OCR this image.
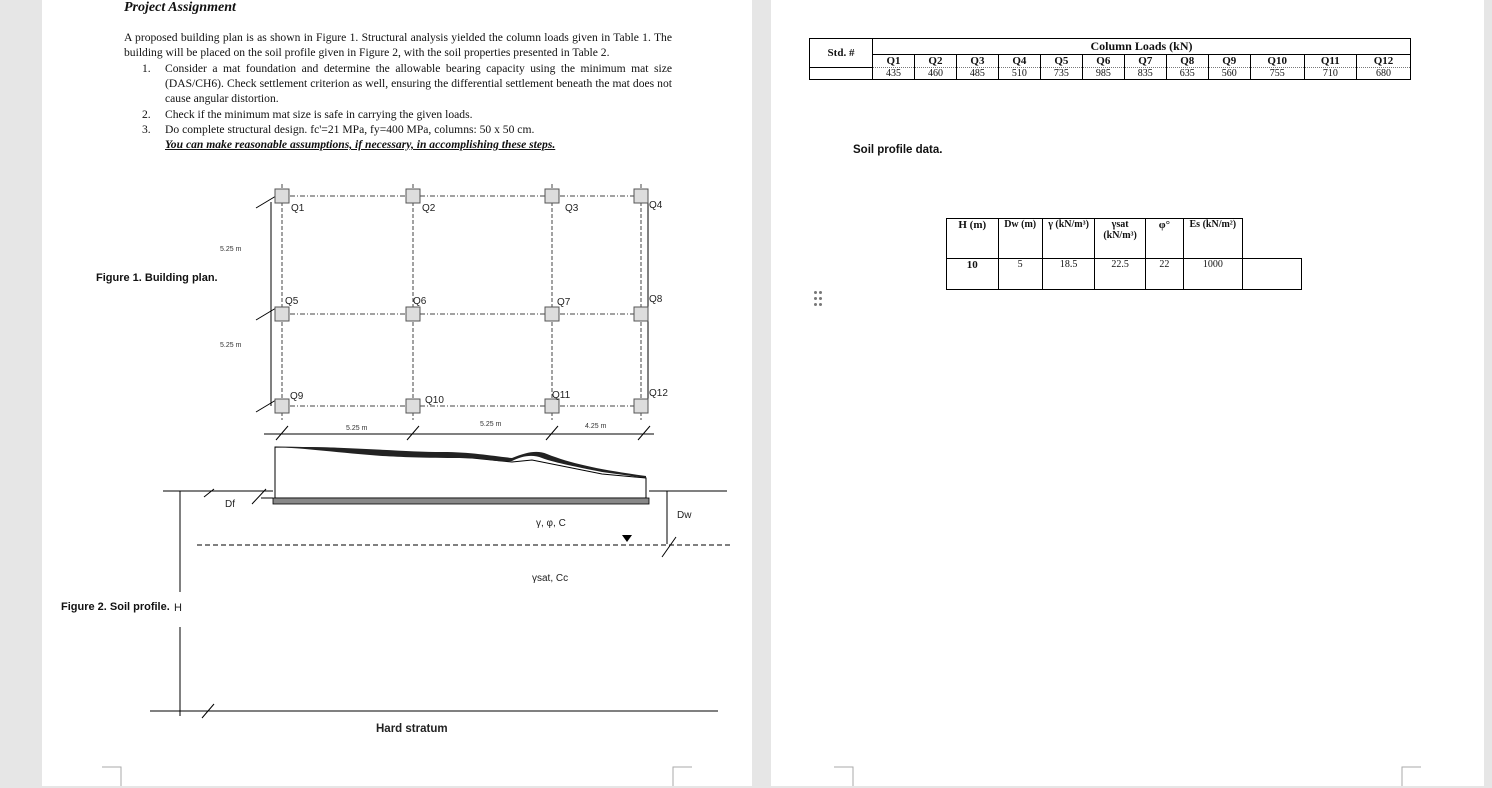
Project Assignment
A proposed building plan is as shown in Figure 1. Structural analysis yielded the column loads given in Table 1. The building will be placed on the soil profile given in Figure 2, with the soil properties presented in Table 2.
1.	Consider a mat foundation and determine the allowable bearing capacity using the minimum mat size (DAS/CH6). Check settlement criterion as well, ensuring the differential settlement beneath the mat does not cause angular distortion.
2.	Check if the minimum mat size is safe in carrying the given loads.
3.	Do complete structural design. fc'=21 MPa, fy=400 MPa, columns: 50 x 50 cm.
You can make reasonable assumptions, if necessary, in accomplishing these steps.
Figure 1. Building plan.
Figure 2. Soil profile.
Q1	Q2	Q3	Q4
Q5	Q6	Q7	Q8
Q9	Q10	Q11	Q12
5.25 m
5.25 m
5.25 m
5.25 m	4.25 m
Df
Dw
γ, φ, C
γsat, Cc
H
Hard stratum
Std. #	Column Loads (kN)											
	Q1	Q2	Q3	Q4	Q5	Q6	Q7	Q8	Q9	Q10	Q11	Q12
	435	460	485	510	735	985	835	635	560	755	710	680
Soil profile data.
H (m)	Dw (m)	γ (kN/m³)	γsat (kN/m³)	φ°	Es (kN/m²)	
10	5	18.5	22.5	22	1000	
